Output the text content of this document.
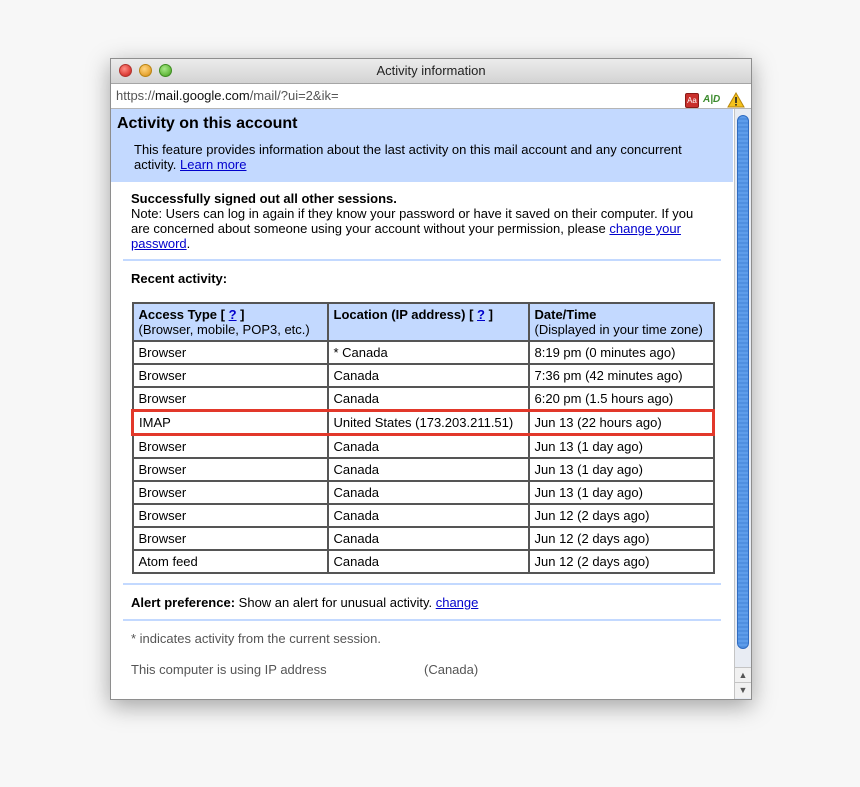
Activity information
https://mail.google.com/mail/?ui=2&ik=	Aa A|D
Activity on this account
This feature provides information about the last activity on this mail account and any concurrent activity. Learn more
Successfully signed out all other sessions.
Note: Users can log in again if they know your password or have it saved on their computer. If you are concerned about someone using your account without your permission, please change your password.
Recent activity:
Access Type [ ? ]
(Browser, mobile, POP3, etc.)	Location (IP address) [ ? ]	Date/Time
(Displayed in your time zone)
Browser	* Canada	8:19 pm (0 minutes ago)
Browser	Canada	7:36 pm (42 minutes ago)
Browser	Canada	6:20 pm (1.5 hours ago)
IMAP	United States (173.203.211.51)	Jun 13 (22 hours ago)
Browser	Canada	Jun 13 (1 day ago)
Browser	Canada	Jun 13 (1 day ago)
Browser	Canada	Jun 13 (1 day ago)
Browser	Canada	Jun 12 (2 days ago)
Browser	Canada	Jun 12 (2 days ago)
Atom feed	Canada	Jun 12 (2 days ago)
Alert preference: Show an alert for unusual activity. change
* indicates activity from the current session.
This computer is using IP address	(Canada)	▲
▼
